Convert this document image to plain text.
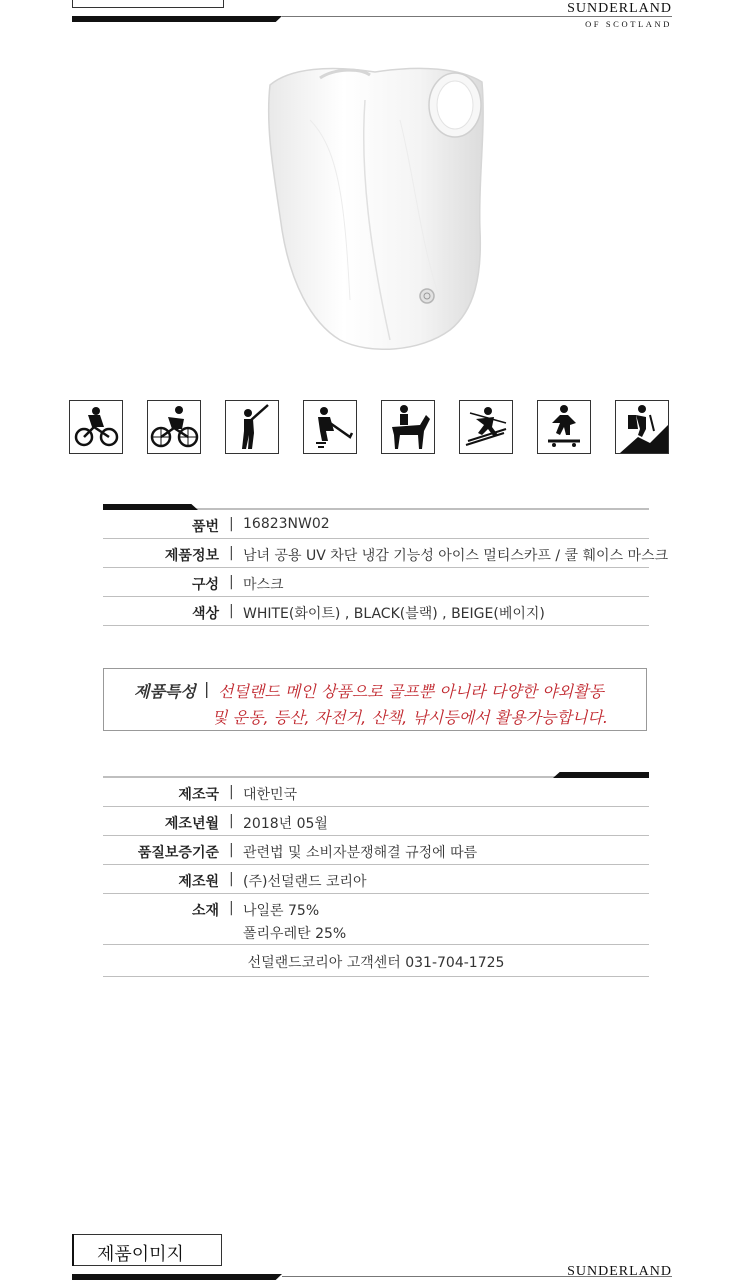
SUNDERLAND
OF SCOTLAND
품번 | 16823NW02
제품정보 | 남녀 공용 UV 차단 냉감 기능성 아이스 멀티스카프 / 쿨 훼이스 마스크
구성 | 마스크
색상 | WHITE(화이트) , BLACK(블랙) , BEIGE(베이지)
제품특성 | 선덜랜드 메인 상품으로 골프뿐 아니라 다양한 야외활동
및 운동, 등산, 자전거, 산책, 낚시등에서 활용가능합니다.
제조국 | 대한민국
제조년월 | 2018년 05월
품질보증기준 | 관련법 및 소비자분쟁해결 규정에 따름
제조원 | (주)선덜랜드 코리아
소재 | 나일론 75%
폴리우레탄 25%
선덜랜드코리아 고객센터 031-704-1725
제품이미지
SUNDERLAND
